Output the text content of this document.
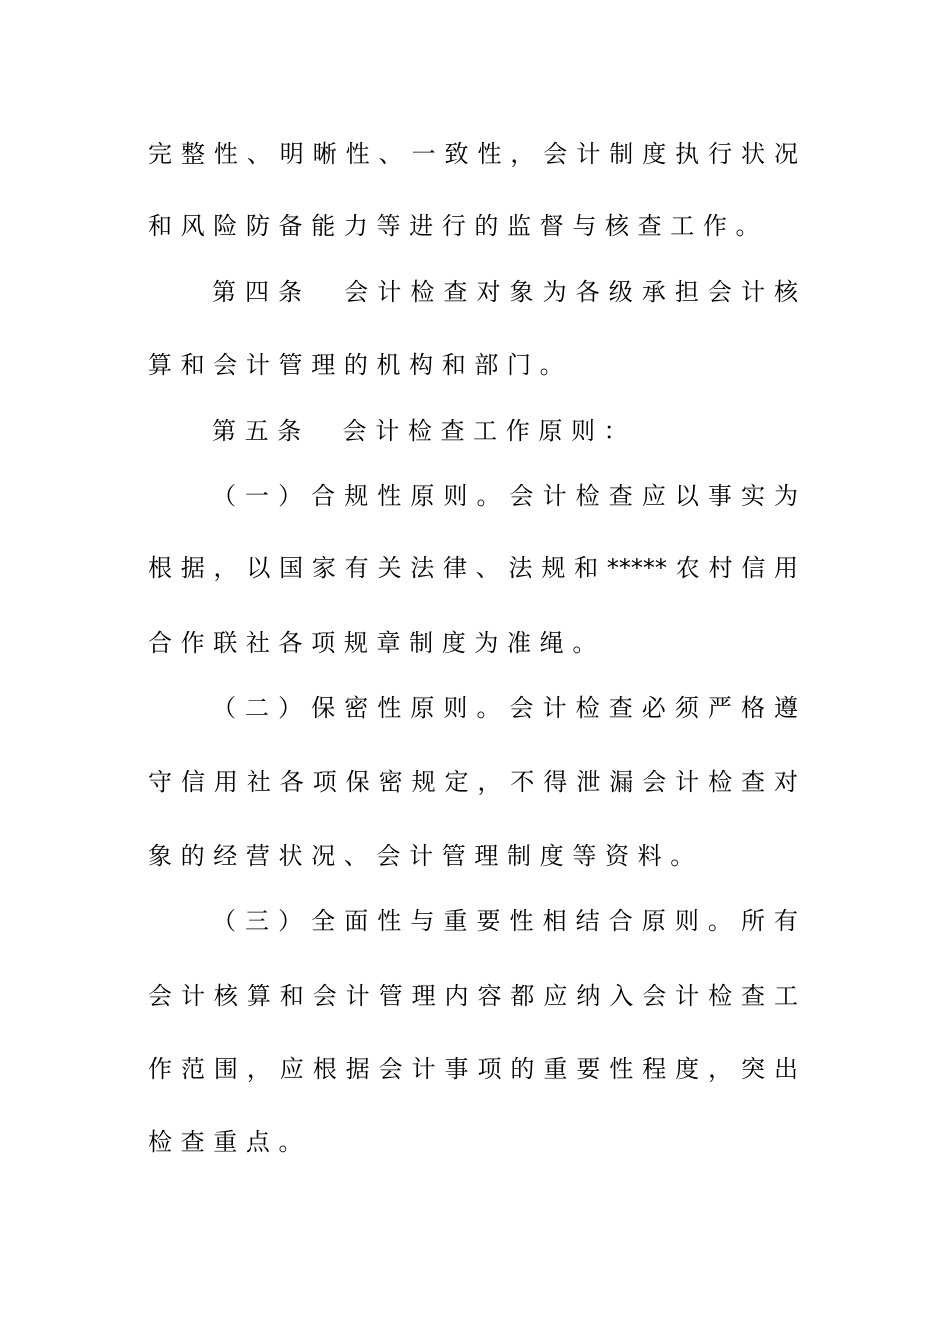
完整性、明晰性、一致性，会计制度执行状况
和风险防备能力等进行的监督与核查工作。
第四条　会计检查对象为各级承担会计核
算和会计管理的机构和部门。
第五条　会计检查工作原则：
（一）合规性原则。会计检查应以事实为
根据，以国家有关法律、法规和*****农村信用
合作联社各项规章制度为准绳。
（二）保密性原则。会计检查必须严格遵
守信用社各项保密规定，不得泄漏会计检查对
象的经营状况、会计管理制度等资料。
（三）全面性与重要性相结合原则。所有
会计核算和会计管理内容都应纳入会计检查工
作范围，应根据会计事项的重要性程度，突出
检查重点。
